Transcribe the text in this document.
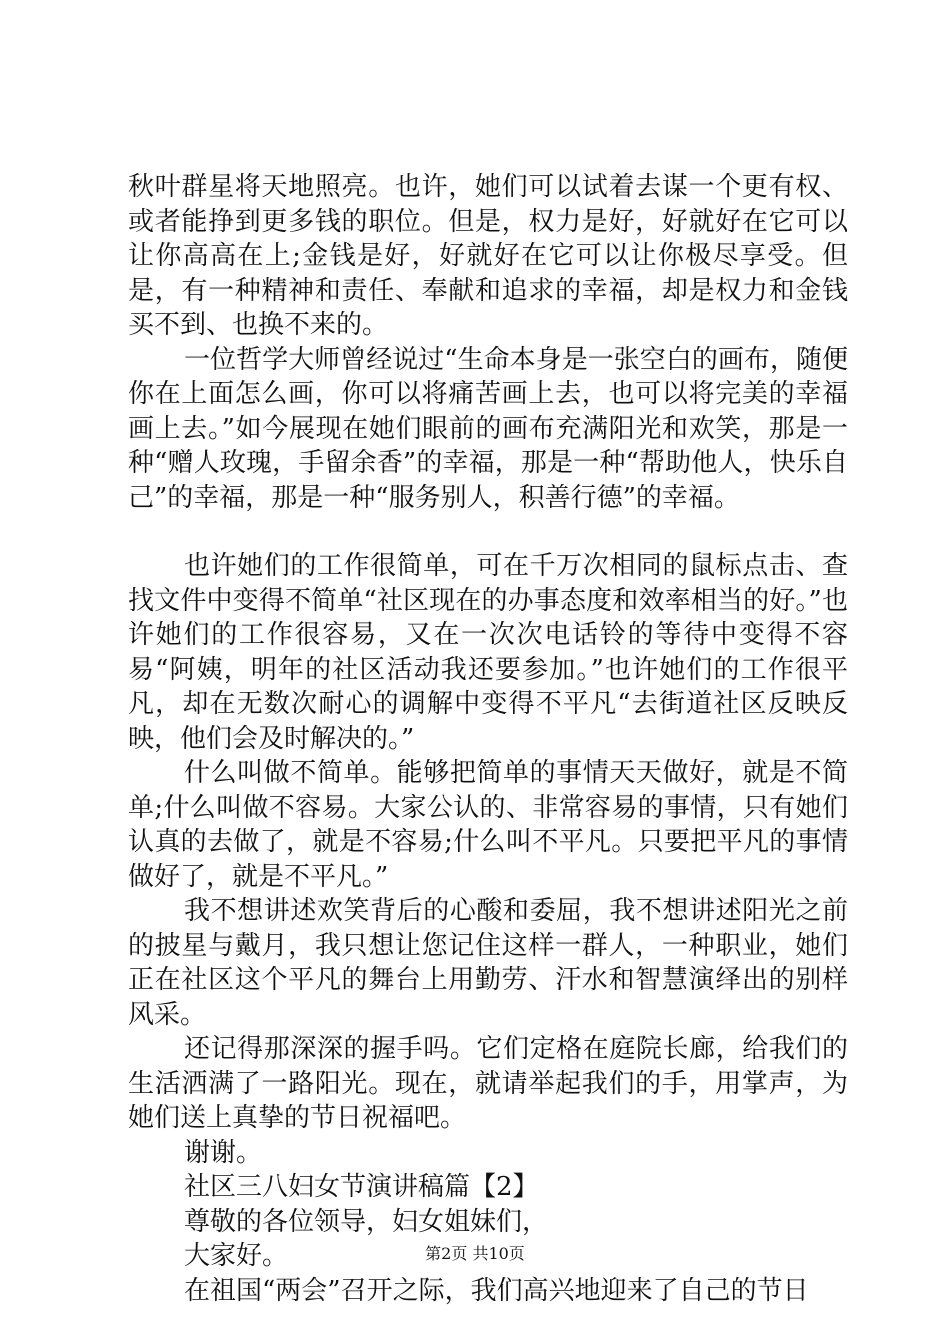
秋叶群星将天地照亮。也许，她们可以试着去谋一个更有权、或者能挣到更多钱的职位。但是，权力是好，好就好在它可以让你高高在上;金钱是好，好就好在它可以让你极尽享受。但是，有一种精神和责任、奉献和追求的幸福，却是权力和金钱买不到、也换不来的。

一位哲学大师曾经说过“生命本身是一张空白的画布，随便你在上面怎么画，你可以将痛苦画上去，也可以将完美的幸福画上去。”如今展现在她们眼前的画布充满阳光和欢笑，那是一种“赠人玫瑰，手留余香”的幸福，那是一种“帮助他人，快乐自己”的幸福，那是一种“服务别人，积善行德”的幸福。

也许她们的工作很简单，可在千万次相同的鼠标点击、查找文件中变得不简单“社区现在的办事态度和效率相当的好。”也许她们的工作很容易，又在一次次电话铃的等待中变得不容易“阿姨，明年的社区活动我还要参加。”也许她们的工作很平凡，却在无数次耐心的调解中变得不平凡“去街道社区反映反映，他们会及时解决的。”

什么叫做不简单。能够把简单的事情天天做好，就是不简单;什么叫做不容易。大家公认的、非常容易的事情，只有她们认真的去做了，就是不容易;什么叫不平凡。只要把平凡的事情做好了，就是不平凡。”

我不想讲述欢笑背后的心酸和委屈，我不想讲述阳光之前的披星与戴月，我只想让您记住这样一群人，一种职业，她们正在社区这个平凡的舞台上用勤劳、汗水和智慧演绎出的别样风采。

还记得那深深的握手吗。它们定格在庭院长廊，给我们的生活洒满了一路阳光。现在，就请举起我们的手，用掌声，为她们送上真挚的节日祝福吧。

谢谢。

社区三八妇女节演讲稿篇【2】

尊敬的各位领导，妇女姐妹们，

大家好。

在祖国“两会”召开之际，我们高兴地迎来了自己的节日

第2页 共10页
